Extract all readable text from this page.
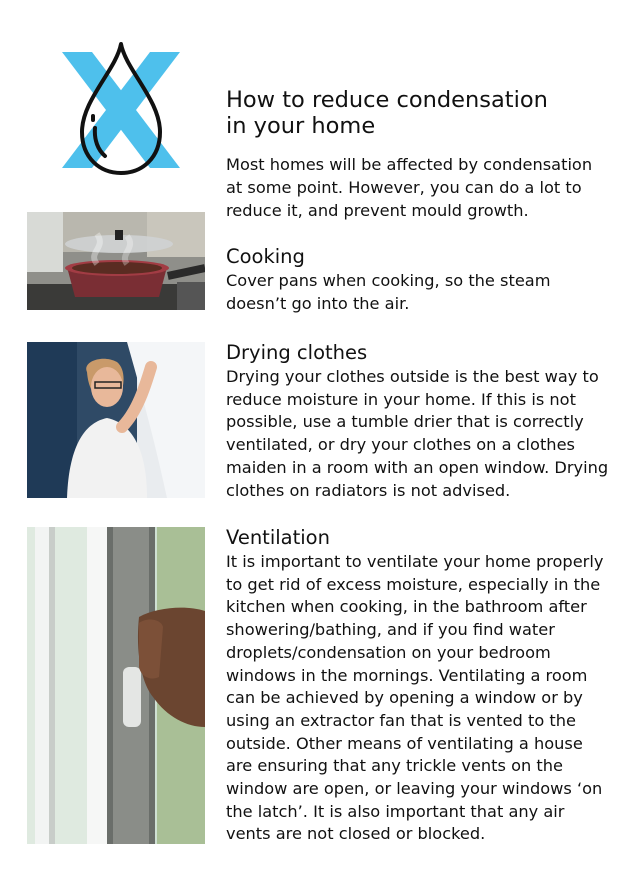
How to reduce condensation
in your home

Most homes will be affected by condensation at some point. However, you can do a lot to reduce it, and prevent mould growth.

Cooking

Cover pans when cooking, so the steam doesn’t go into the air.

Drying clothes

Drying your clothes outside is the best way to reduce moisture in your home. If this is not possible, use a tumble drier that is correctly ventilated, or dry your clothes on a clothes maiden in a room with an open window. Drying clothes on radiators is not advised.

Ventilation

It is important to ventilate your home properly to get rid of excess moisture, especially in the kitchen when cooking, in the bathroom after showering/bathing, and if you find water droplets/condensation on your bedroom windows in the mornings. Ventilating a room can be achieved by opening a window or by using an extractor fan that is vented to the outside. Other means of ventilating a house are ensuring that any trickle vents on the window are open, or leaving your windows ‘on the latch’. It is also important that any air vents are not closed or blocked.
